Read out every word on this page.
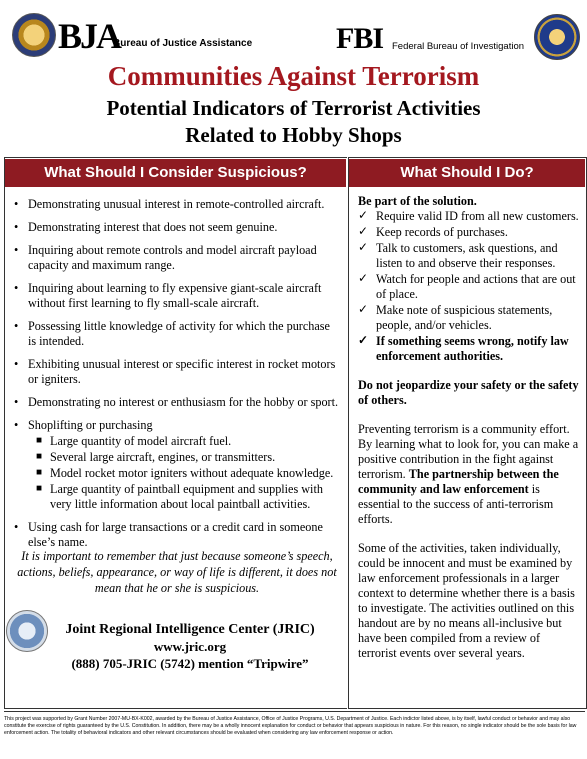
BJA
Bureau of Justice Assistance	FBI Federal Bureau of Investigation
Communities Against Terrorism
Potential Indicators of Terrorist Activities
Related to Hobby Shops
What Should I Consider Suspicious?	What Should I Do?
• Demonstrating unusual interest in remote-controlled aircraft.
• Demonstrating interest that does not seem genuine.
• Inquiring about remote controls and model aircraft payload capacity and maximum range.
• Inquiring about learning to fly expensive giant-scale aircraft without first learning to fly small-scale aircraft.
• Possessing little knowledge of activity for which the purchase is intended.
• Exhibiting unusual interest or specific interest in rocket motors or igniters.
• Demonstrating no interest or enthusiasm for the hobby or sport.
• Shoplifting or purchasing
■ Large quantity of model aircraft fuel.
■ Several large aircraft, engines, or transmitters.
■ Model rocket motor igniters without adequate knowledge.
■ Large quantity of paintball equipment and supplies with very little information about local paintball activities.
• Using cash for large transactions or a credit card in someone else’s name.
It is important to remember that just because someone’s speech, actions, beliefs, appearance, or way of life is different, it does not mean that he or she is suspicious.
Joint Regional Intelligence Center (JRIC)
www.jric.org
(888) 705-JRIC (5742) mention “Tripwire”
Be part of the solution.
✓ Require valid ID from all new customers.
✓ Keep records of purchases.
✓ Talk to customers, ask questions, and listen to and observe their responses.
✓ Watch for people and actions that are out of place.
✓ Make note of suspicious statements, people, and/or vehicles.
✓ If something seems wrong, notify law enforcement authorities.

Do not jeopardize your safety or the safety of others.

Preventing terrorism is a community effort. By learning what to look for, you can make a positive contribution in the fight against terrorism. The partnership between the community and law enforcement is essential to the success of anti-terrorism efforts.

Some of the activities, taken individually, could be innocent and must be examined by law enforcement professionals in a larger context to determine whether there is a basis to investigate. The activities outlined on this handout are by no means all-inclusive but have been compiled from a review of terrorist events over several years.

This project was supported by Grant Number 2007-MU-BX-K002, awarded by the Bureau of Justice Assistance, Office of Justice Programs, U.S. Department of Justice. Each indictor listed above, is by itself, lawful conduct or behavior and may also constitute the exercise of rights guaranteed by the U.S. Constitution. In addition, there may be a wholly innocent explanation for conduct or behavior that appears suspicious in nature. For this reason, no single indicator should be the sole basis for law enforcement action. The totality of behavioral indicators and other relevant circumstances should be evaluated when considering any law enforcement response or action.
